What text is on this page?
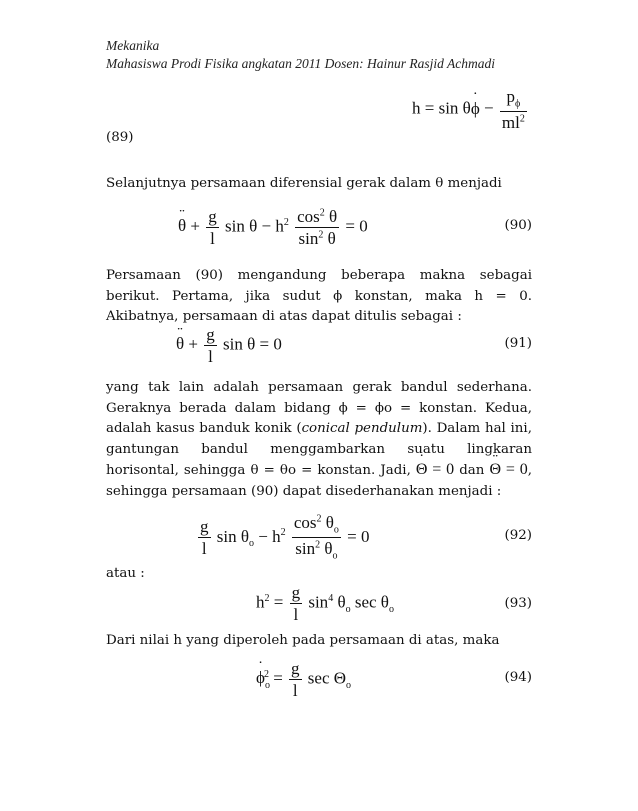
Mekanika
Mahasiswa Prodi Fisika angkatan 2011 Dosen: Hainur Rasjid Achmadi
h = sin θ˙ $\phi - \frac{p_\phi}{ml^2}$
(89)
Selanjutnya persamaan diferensial gerak dalam θ menjadi
¨ $\theta + \frac{g}{l}$ $\sin \theta - h^2 \frac{\cos^2 \theta}{\sin^2 \theta} = 0$	(90)
Persamaan (90) mengandung beberapa makna sebagai berikut. Pertama, jika sudut ϕ konstan, maka h = 0. Akibatnya, persamaan di atas dapat ditulis sebagai :
¨ $\theta + \frac{g}{l}$ sin θ = 0	(91)
yang tak lain adalah persamaan gerak bandul sederhana. Geraknya berada dalam bidang ϕ = ϕo = konstan. Kedua, adalah kasus banduk konik (conical pendulum). Dalam hal ini, gantungan bandul menggambarkan suatu lingkaran horisontal, sehingga θ = θo = konstan. Jadi, ˙ Θ = 0 dan ¨ Θ = 0, sehingga persamaan (90) dapat disederhanakan menjadi :
$\frac{g}{l}$ $\sin \theta_o - h^2 \frac{\cos^2 \theta_o}{\sin^2 \theta_o} = 0$	(92)
atau :
$h^2 = \frac{g}{l} \sin^4 \theta_o$ $\sec \theta_o$	(93)
Dari nilai h yang diperoleh pada persamaan di atas, maka
˙ $\phi_o^2 = \frac{g}{l}$ $\sec \Theta_o$
(94)
